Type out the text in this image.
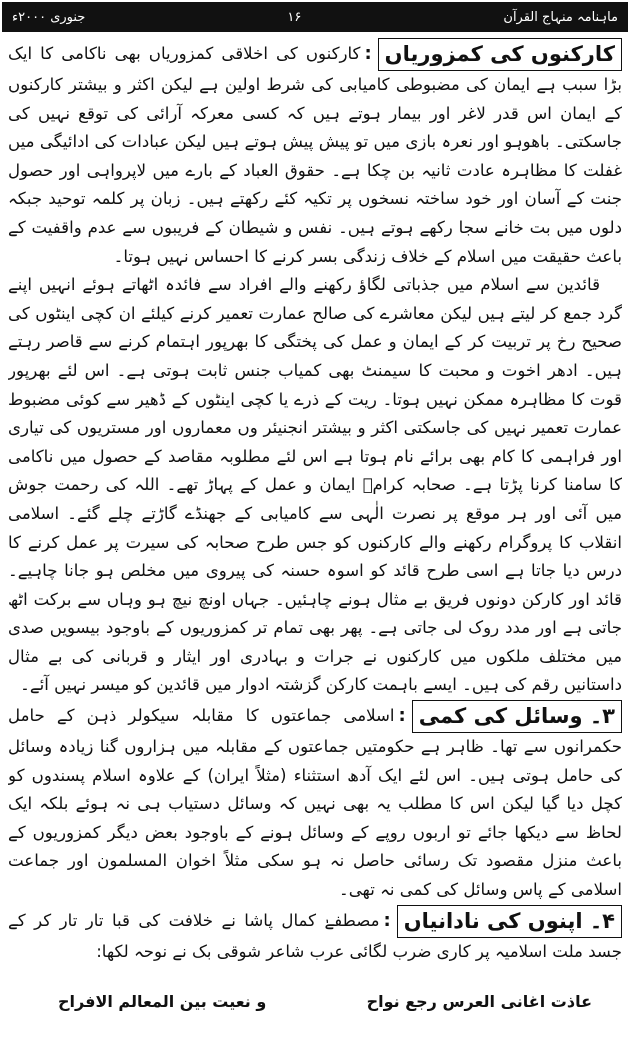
ماہنامہ منہاج القرآن
۱۶
جنوری ۲۰۰۰ء

کارکنوں کی کمزوریاں:کارکنوں کی اخلاقی کمزوریاں بھی ناکامی کا ایک بڑا سبب ہے ایمان کی مضبوطی کامیابی کی شرط اولین ہے لیکن اکثر و بیشتر کارکنوں کے ایمان اس قدر لاغر اور بیمار ہوتے ہیں کہ کسی معرکہ آرائی کی توقع نہیں کی جاسکتی۔ باھوہو اور نعرہ بازی میں تو پیش پیش ہوتے ہیں لیکن عبادات کی ادائیگی میں غفلت کا مظاہرہ عادت ثانیہ بن چکا ہے۔ حقوق العباد کے بارے میں لاپرواہی اور حصول جنت کے آسان اور خود ساختہ نسخوں پر تکیہ کئے رکھتے ہیں۔ زبان پر کلمہ توحید جبکہ دلوں میں بت خانے سجا رکھے ہوتے ہیں۔ نفس و شیطان کے فریبوں سے عدم واقفیت کے باعث حقیقت میں اسلام کے خلاف زندگی بسر کرنے کا احساس نہیں ہوتا۔

قائدین سے اسلام میں جذباتی لگاؤ رکھنے والے افراد سے فائدہ اٹھاتے ہوئے انہیں اپنے گرد جمع کر لیتے ہیں لیکن معاشرے کی صالح عمارت تعمیر کرنے کیلئے ان کچی اینٹوں کی صحیح رخ پر تربیت کر کے ایمان و عمل کی پختگی کا بھرپور اہتمام کرنے سے قاصر رہتے ہیں۔ ادھر اخوت و محبت کا سیمنٹ بھی کمیاب جنس ثابت ہوتی ہے۔ اس لئے بھرپور قوت کا مظاہرہ ممکن نہیں ہوتا۔ ریت کے ذرے یا کچی اینٹوں کے ڈھیر سے کوئی مضبوط عمارت تعمیر نہیں کی جاسکتی اکثر و بیشتر انجنیئر وں معماروں اور مستریوں کی تیاری اور فراہمی کا کام بھی برائے نام ہوتا ہے اس لئے مطلوبہ مقاصد کے حصول میں ناکامی کا سامنا کرنا پڑتا ہے۔ صحابہ کرامؓ ایمان و عمل کے پہاڑ تھے۔ اللہ کی رحمت جوش میں آئی اور ہر موقع پر نصرت الٰہی سے کامیابی کے جھنڈے گاڑتے چلے گئے۔ اسلامی انقلاب کا پروگرام رکھنے والے کارکنوں کو جس طرح صحابہ کی سیرت پر عمل کرنے کا درس دیا جاتا ہے اسی طرح قائد کو اسوہ حسنہ کی پیروی میں مخلص ہو جانا چاہیے۔ قائد اور کارکن دونوں فریق بے مثال ہونے چاہئیں۔ جہاں اونچ نیچ ہو وہاں سے برکت اٹھ جاتی ہے اور مدد روک لی جاتی ہے۔ پھر بھی تمام تر کمزوریوں کے باوجود بیسویں صدی میں مختلف ملکوں میں کارکنوں نے جرات و بہادری اور ایثار و قربانی کی بے مثال داستانیں رقم کی ہیں۔ ایسے باہمت کارکن گزشتہ ادوار میں قائدین کو میسر نہیں آئے۔

۳۔ وسائل کی کمی:اسلامی جماعتوں کا مقابلہ سیکولر ذہن کے حامل حکمرانوں سے تھا۔ ظاہر ہے حکومتیں جماعتوں کے مقابلہ میں ہزاروں گنا زیادہ وسائل کی حامل ہوتی ہیں۔ اس لئے ایک آدھ استثناء (مثلاً ایران) کے علاوہ اسلام پسندوں کو کچل دیا گیا لیکن اس کا مطلب یہ بھی نہیں کہ وسائل دستیاب ہی نہ ہوئے بلکہ ایک لحاظ سے دیکھا جائے تو اربوں روپے کے وسائل ہونے کے باوجود بعض دیگر کمزوریوں کے باعث منزل مقصود تک رسائی حاصل نہ ہو سکی مثلاً اخوان المسلمون اور جماعت اسلامی کے پاس وسائل کی کمی نہ تھی۔

۴۔ اپنوں کی نادانیاں:مصطفےٰ کمال پاشا نے خلافت کی قبا تار تار کر کے جسد ملت اسلامیہ پر کاری ضرب لگائی عرب شاعر شوقی بک نے نوحہ لکھا:

عاذت اغانی العرس رجع نواح
و نعیت بین المعالم الافراح
